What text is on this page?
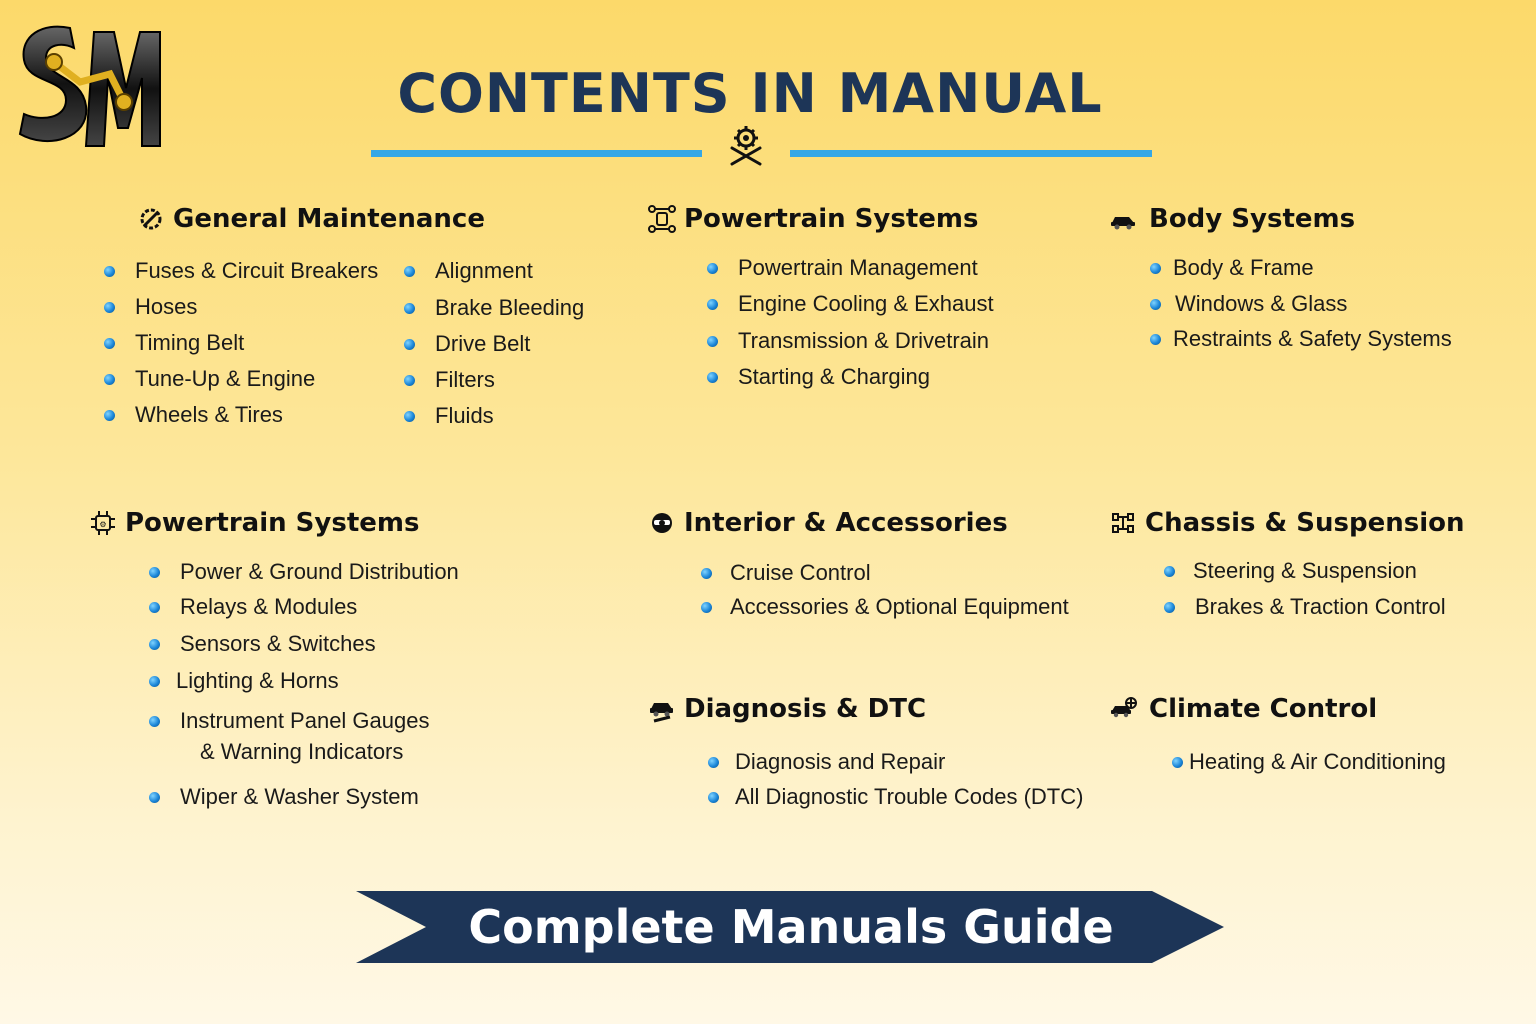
CONTENTS IN MANUAL
General Maintenance
Fuses & Circuit Breakers
Hoses
Timing Belt
Tune-Up & Engine
Wheels & Tires
Alignment
Brake Bleeding
Drive Belt
Filters
Fluids
Powertrain Systems
Powertrain Management
Engine Cooling & Exhaust
Transmission & Drivetrain
Starting & Charging
Body Systems
Body & Frame
Windows & Glass
Restraints & Safety Systems
⚙ Powertrain Systems
Power & Ground Distribution
Relays & Modules
Sensors & Switches
Lighting & Horns
Instrument Panel Gauges
& Warning Indicators
Wiper & Washer System
Interior & Accessories
Cruise Control
Accessories & Optional Equipment
Chassis & Suspension
Steering & Suspension
Brakes & Traction Control
Diagnosis & DTC
Diagnosis and Repair
All Diagnostic Trouble Codes (DTC)
Climate Control
Heating & Air Conditioning
Complete Manuals Guide
